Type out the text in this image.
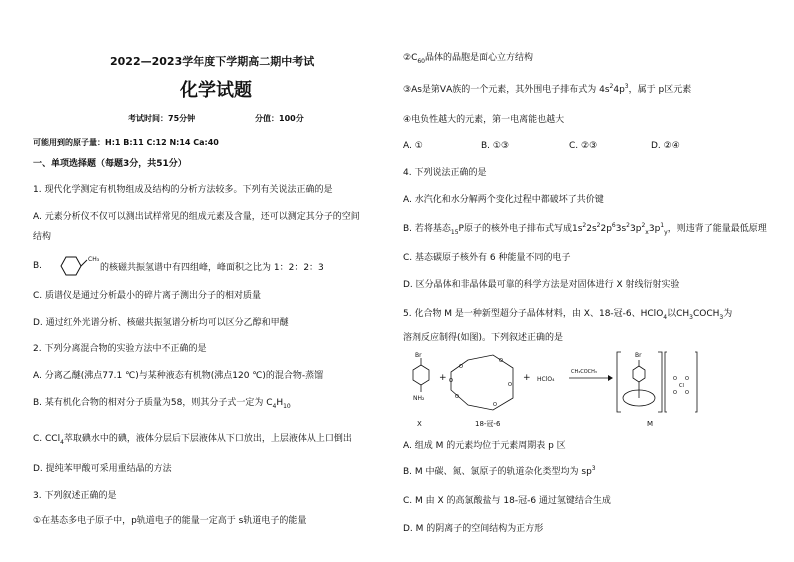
2022—2023学年度下学期高二期中考试
化学试题
考试时间：75分钟	分值：100分
可能用到的原子量：H:1 B:11 C:12 N:14 Ca:40
一、单项选择题（每题3分，共51分）
1. 现代化学测定有机物组成及结构的分析方法较多。下列有关说法正确的是
A. 元素分析仪不仅可以测出试样常见的组成元素及含量，还可以测定其分子的空间
结构
B.
CH₃
的核磁共振氢谱中有四组峰，峰面积之比为 1：2：2：3
C. 质谱仪是通过分析最小的碎片离子测出分子的相对质量
D. 通过红外光谱分析、核磁共振氢谱分析均可以区分乙醇和甲醚
2. 下列分离混合物的实验方法中不正确的是
A. 分离乙醚(沸点77.1 ℃)与某种液态有机物(沸点120 ℃)的混合物-蒸馏
B. 某有机化合物的相对分子质量为58，则其分子式一定为 $C_4H_{10}$
C. CCl$_4$萃取碘水中的碘，液体分层后下层液体从下口放出，上层液体从上口倒出
D. 提纯苯甲酸可采用重结晶的方法
3. 下列叙述正确的是
①在基态多电子原子中，p轨道电子的能量一定高于 s轨道电子的能量
$②C_{60}$晶体的晶胞是面心立方结构
③As是第ⅤA族的一个元素，其外围电子排布式为 $4s^24p^3$，属于 p区元素
④电负性越大的元素，第一电离能也越大
A. ①	B. ①③	C. ②③	D. ②④
4. 下列说法正确的是
A. 水汽化和水分解两个变化过程中都破坏了共价键
B. 若将基态$_{15}$P原子的核外电子排布式写成$1s^22s^22p^63s^23p^2_x3p^1_y$，则违背了能量最低原理
C. 基态碳原子核外有 6 种能量不同的电子
D. 区分晶体和非晶体最可靠的科学方法是对固体进行 X 射线衍射实验
5. 化合物 M 是一种新型超分子晶体材料，由 X、18-冠-6、HClO$_4$以$CH_3COCH_3$为
溶剂反应制得(如图)。下列叙述正确的是
O
O
O
O
O
O	O
O
O
O
Cl
Br
NH₂
X
+
18-冠-6
+ HClO₄
CH₃COCH₃
Br
M
A. 组成 M 的元素均位于元素周期表 p 区
B. M 中碳、氮、氯原子的轨道杂化类型均为 $sp^3$
C. M 由 X 的高氯酸盐与 18-冠-6 通过氢键结合生成
D. M 的阴离子的空间结构为正方形
